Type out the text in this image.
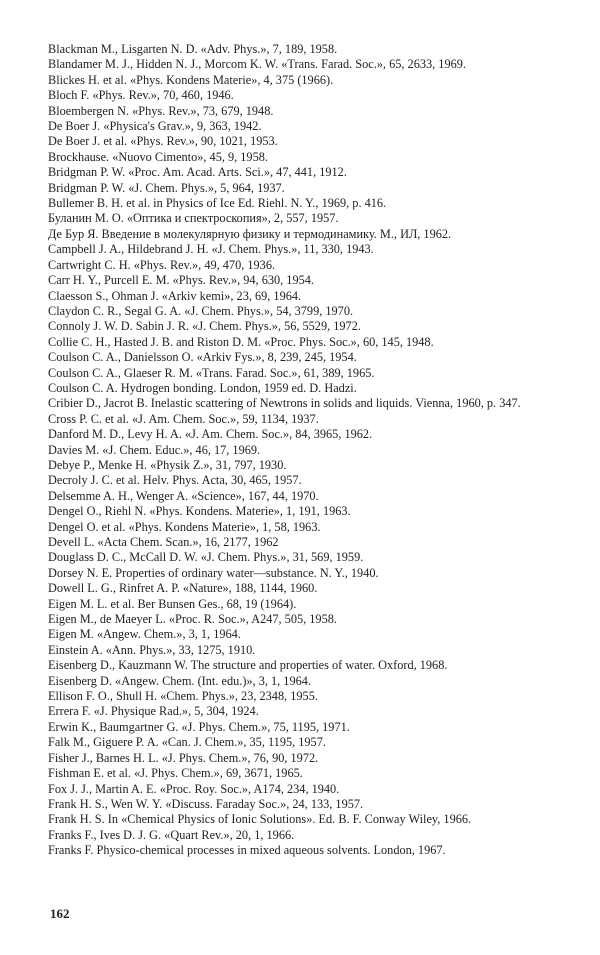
Blackman M., Lisgarten N. D. «Adv. Phys.», 7, 189, 1958.

Blandamer M. J., Hidden N. J., Morcom K. W. «Trans. Farad. Soc.», 65, 2633, 1969.

Blickes H. et al. «Phys. Kondens Materie», 4, 375 (1966).

Bloch F. «Phys. Rev.», 70, 460, 1946.

Bloembergen N. «Phys. Rev.», 73, 679, 1948.

De Boer J. «Physica's Grav.», 9, 363, 1942.

De Boer J. et al. «Phys. Rev.», 90, 1021, 1953.

Brockhause. «Nuovo Cimento», 45, 9, 1958.

Bridgman P. W. «Proc. Am. Acad. Arts. Sci.», 47, 441, 1912.

Bridgman P. W. «J. Chem. Phys.», 5, 964, 1937.

Bullemer B. H. et al. in Physics of Ice Ed. Riehl. N. Y., 1969, p. 416.

Буланин М. О. «Оптика и спектроскопия», 2, 557, 1957.

Де Бур Я. Введение в молекулярную физику и термодинамику. М., ИЛ, 1962.

Campbell J. A., Hildebrand J. H. «J. Chem. Phys.», 11, 330, 1943.

Cartwright C. H. «Phys. Rev.», 49, 470, 1936.

Carr H. Y., Purcell E. M. «Phys. Rev.», 94, 630, 1954.

Claesson S., Ohman J. «Arkiv kemi», 23, 69, 1964.

Claydon C. R., Segal G. A. «J. Chem. Phys.», 54, 3799, 1970.

Connoly J. W. D. Sabin J. R. «J. Chem. Phys.», 56, 5529, 1972.

Collie C. H., Hasted J. B. and Riston D. M. «Proc. Phys. Soc.», 60, 145, 1948.

Coulson C. A., Danielsson O. «Arkiv Fys.», 8, 239, 245, 1954.

Coulson C. A., Glaeser R. M. «Trans. Farad. Soc.», 61, 389, 1965.

Coulson C. A. Hydrogen bonding. London, 1959 ed. D. Hadzi.

Cribier D., Jacrot B. Inelastic scattering of Newtrons in solids and liquids. Vienna, 1960, p. 347.

Cross P. C. et al. «J. Am. Chem. Soc.», 59, 1134, 1937.

Danford M. D., Levy H. A. «J. Am. Chem. Soc.», 84, 3965, 1962.

Davies M. «J. Chem. Educ.», 46, 17, 1969.

Debye P., Menke H. «Physik Z.», 31, 797, 1930.

Decroly J. C. et al. Helv. Phys. Acta, 30, 465, 1957.

Delsemme A. H., Wenger A. «Science», 167, 44, 1970.

Dengel O., Riehl N. «Phys. Kondens. Materie», 1, 191, 1963.

Dengel O. et al. «Phys. Kondens Materie», 1, 58, 1963.

Devell L. «Acta Chem. Scan.», 16, 2177, 1962

Douglass D. C., McCall D. W. «J. Chem. Phys.», 31, 569, 1959.

Dorsey N. E. Properties of ordinary water—substance. N. Y., 1940.

Dowell L. G., Rinfret A. P. «Nature», 188, 1144, 1960.

Eigen M. L. et al. Ber Bunsen Ges., 68, 19 (1964).

Eigen M., de Maeyer L. «Proc. R. Soc.», A247, 505, 1958.

Eigen M. «Angew. Chem.», 3, 1, 1964.

Einstein A. «Ann. Phys.», 33, 1275, 1910.

Eisenberg D., Kauzmann W. The structure and properties of water. Oxford, 1968.

Eisenberg D. «Angew. Chem. (Int. edu.)», 3, 1, 1964.

Ellison F. O., Shull H. «Chem. Phys.», 23, 2348, 1955.

Errera F. «J. Physique Rad.», 5, 304, 1924.

Erwin K., Baumgartner G. «J. Phys. Chem.», 75, 1195, 1971.

Falk M., Giguere P. A. «Can. J. Chem.», 35, 1195, 1957.

Fisher J., Barnes H. L. «J. Phys. Chem.», 76, 90, 1972.

Fishman E. et al. «J. Phys. Chem.», 69, 3671, 1965.

Fox J. J., Martin A. E. «Proc. Roy. Soc.», A174, 234, 1940.

Frank H. S., Wen W. Y. «Discuss. Faraday Soc.», 24, 133, 1957.

Frank H. S. In «Chemical Physics of Ionic Solutions». Ed. B. F. Conway Wiley, 1966.

Franks F., Ives D. J. G. «Quart Rev.», 20, 1, 1966.

Franks F. Physico-chemical processes in mixed aqueous solvents. London, 1967.

162
